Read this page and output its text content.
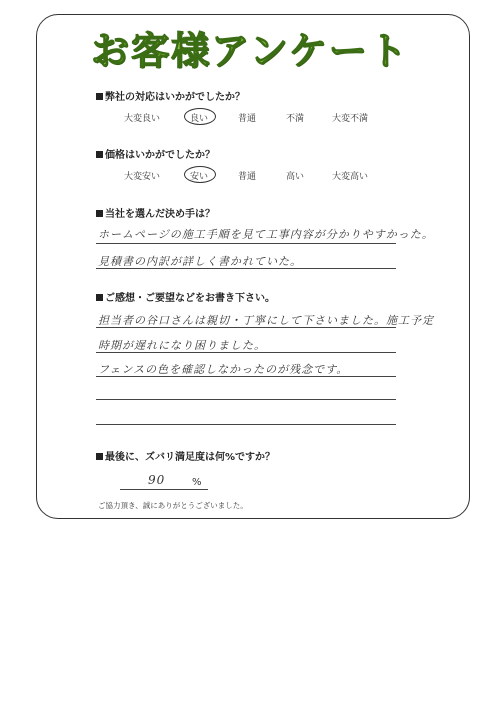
お客様アンケート
弊社の対応はいかがでしたか？
大変良い	良い	普通	不満	大変不満
価格はいかがでしたか？
大変安い	安い	普通	高い	大変高い
当社を選んだ決め手は？
ホームページの施工手順を見て工事内容が分かりやすかった。
見積書の内訳が詳しく書かれていた。
ご感想・ご要望などをお書き下さい。
担当者の谷口さんは親切・丁寧にして下さいました。施工予定
時期が遅れになり困りました。
フェンスの色を確認しなかったのが残念です。
最後に、ズバリ満足度は何%ですか？
90	%
ご協力頂き、誠にありがとうございました。
